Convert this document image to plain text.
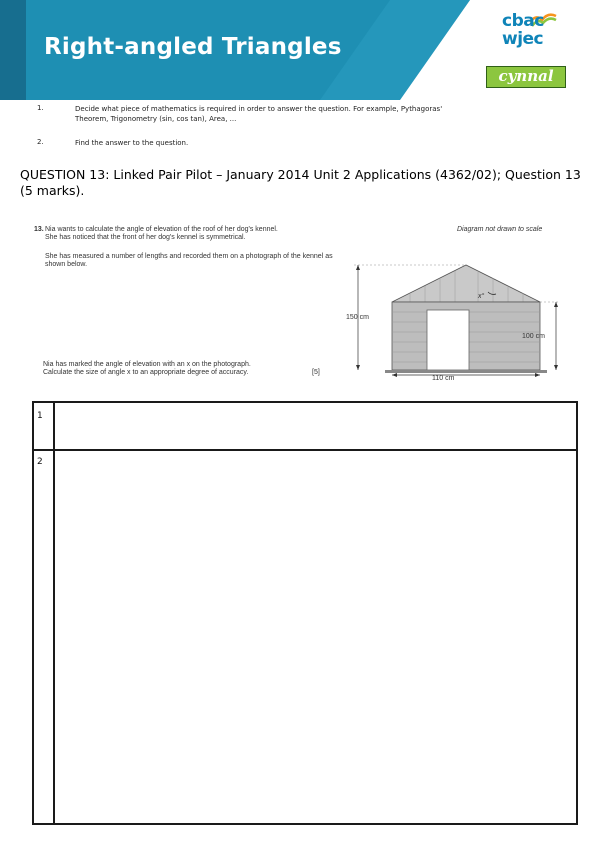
Right-angled Triangles
cbac
wjec
cynnal
1.	Decide what piece of mathematics is required in order to answer the question. For example, Pythagoras' Theorem, Trigonometry (sin, cos tan), Area, ...
2.	Find the answer to the question.
QUESTION 13: Linked Pair Pilot – January 2014 Unit 2 Applications (4362/02); Question 13 (5 marks).
13. Nia wants to calculate the angle of elevation of the roof of her dog's kennel.
She has noticed that the front of her dog's kennel is symmetrical.
She has measured a number of lengths and recorded them on a photograph of the kennel as
shown below.
Diagram not drawn to scale
150 cm
100 cm
110 cm
x°
Nia has marked the angle of elevation with an x on the photograph.
Calculate the size of angle x to an appropriate degree of accuracy.	[5]
1
2
